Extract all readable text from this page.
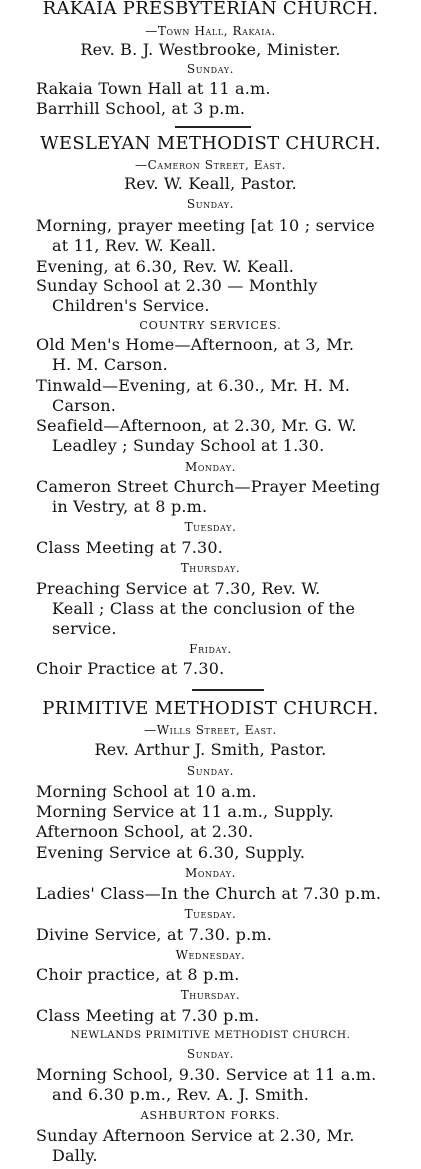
RAKAIA PRESBYTERIAN CHURCH.
—Town Hall, Rakaia.
Rev. B. J. Westbrooke, Minister.
Sunday.
Rakaia Town Hall at 11 a.m.
Barrhill School, at 3 p.m.
WESLEYAN METHODIST CHURCH.
—Cameron Street, East.
Rev. W. Keall, Pastor.
Sunday.
Morning, prayer meeting [at 10 ; service
at 11, Rev. W. Keall.
Evening, at 6.30, Rev. W. Keall.
Sunday School at 2.30 — Monthly
Children's Service.
COUNTRY SERVICES.
Old Men's Home—Afternoon, at 3, Mr.
H. M. Carson.
Tinwald—Evening, at 6.30., Mr. H. M.
Carson.
Seafield—Afternoon, at 2.30, Mr. G. W.
Leadley ; Sunday School at 1.30.
Monday.
Cameron Street Church—Prayer Meeting
in Vestry, at 8 p.m.
Tuesday.
Class Meeting at 7.30.
Thursday.
Preaching Service at 7.30, Rev. W.
Keall ; Class at the conclusion of the
service.
Friday.
Choir Practice at 7.30.
PRIMITIVE METHODIST CHURCH.
—Wills Street, East.
Rev. Arthur J. Smith, Pastor.
Sunday.
Morning School at 10 a.m.
Morning Service at 11 a.m., Supply.
Afternoon School, at 2.30.
Evening Service at 6.30, Supply.
Monday.
Ladies' Class—In the Church at 7.30 p.m.
Tuesday.
Divine Service, at 7.30. p.m.
Wednesday.
Choir practice, at 8 p.m.
Thursday.
Class Meeting at 7.30 p.m.
NEWLANDS PRIMITIVE METHODIST CHURCH.
Sunday.
Morning School, 9.30. Service at 11 a.m.
and 6.30 p.m., Rev. A. J. Smith.
ASHBURTON FORKS.
Sunday Afternoon Service at 2.30, Mr.
Dally.
